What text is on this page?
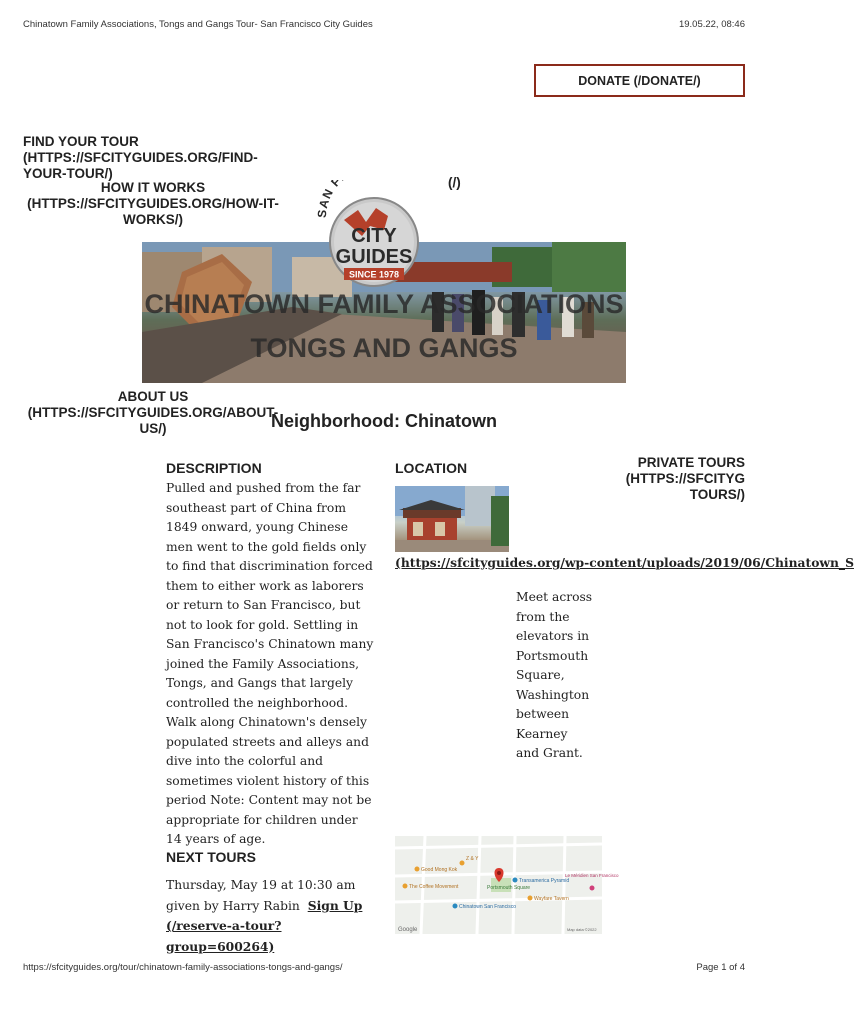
Chinatown Family Associations, Tongs and Gangs Tour- San Francisco City Guides	19.05.22, 08:46
DONATE (/DONATE/)
FIND YOUR TOUR (HTTPS://SFCITYGUIDES.ORG/FIND-YOUR-TOUR/)
HOW IT WORKS (HTTPS://SFCITYGUIDES.ORG/HOW-IT-WORKS/)
(/)
SAN F
CITY
GUIDES
SINCE 1978
CHINATOWN FAMILY ASSOCIATIONS TONGS AND GANGS
Neighborhood: Chinatown
ABOUT US (HTTPS://SFCITYGUIDES.ORG/ABOUT-US/)
PRIVATE TOURS (HTTPS://SFCITYG TOURS/)
DESCRIPTION

Pulled and pushed from the far southeast part of China from 1849 onward, young Chinese men went to the gold fields only to find that discrimination forced them to either work as laborers or return to San Francisco, but not to look for gold. Settling in San Francisco's Chinatown many joined the Family Associations, Tongs, and Gangs that largely controlled the neighborhood. Walk along Chinatown's densely populated streets and alleys and dive into the colorful and sometimes violent history of this period Note: Content may not be appropriate for children under 14 years of age.

LOCATION
(https://sfcityguides.org/wp-content/uploads/2019/06/Chinatown_S

Meet across from the elevators in Portsmouth Square, Washington between Kearney and Grant.

Z & Y
Good Mong Kok
Transamerica Pyramid
Le Méridien San Francisco
The Coffee Movement	Portsmouth Square
Wayfare Tavern
Chinatown San Francisco
Google	Map data ©2022
NEXT TOURS

Thursday, May 19 at 10:30 am given by Harry Rabin Sign Up (/reserve-a-tour?group=600264)

https://sfcityguides.org/tour/chinatown-family-associations-tongs-and-gangs/	Page 1 of 4
